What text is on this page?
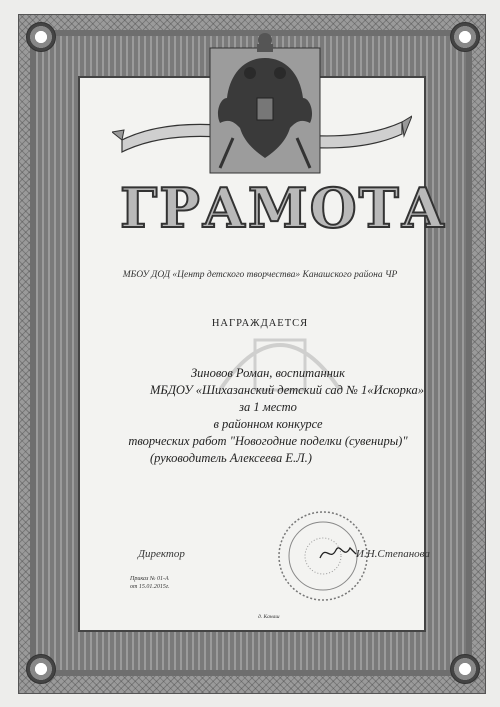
ГРАМОТА
МБОУ ДОД «Центр детского творчества» Канашского района ЧР
НАГРАЖДАЕТСЯ
Зиновов Роман, воспитанник
МБДОУ «Шихазанский детский сад № 1«Искорка»
за 1 место
в районном конкурсе
творческих работ "Новогодние поделки (сувениры)"
(руководитель Алексеева Е.Л.)
Директор	И.Н.Степанова
Приказ № 01-А
от 15.01.2015г.
д. Канаш
